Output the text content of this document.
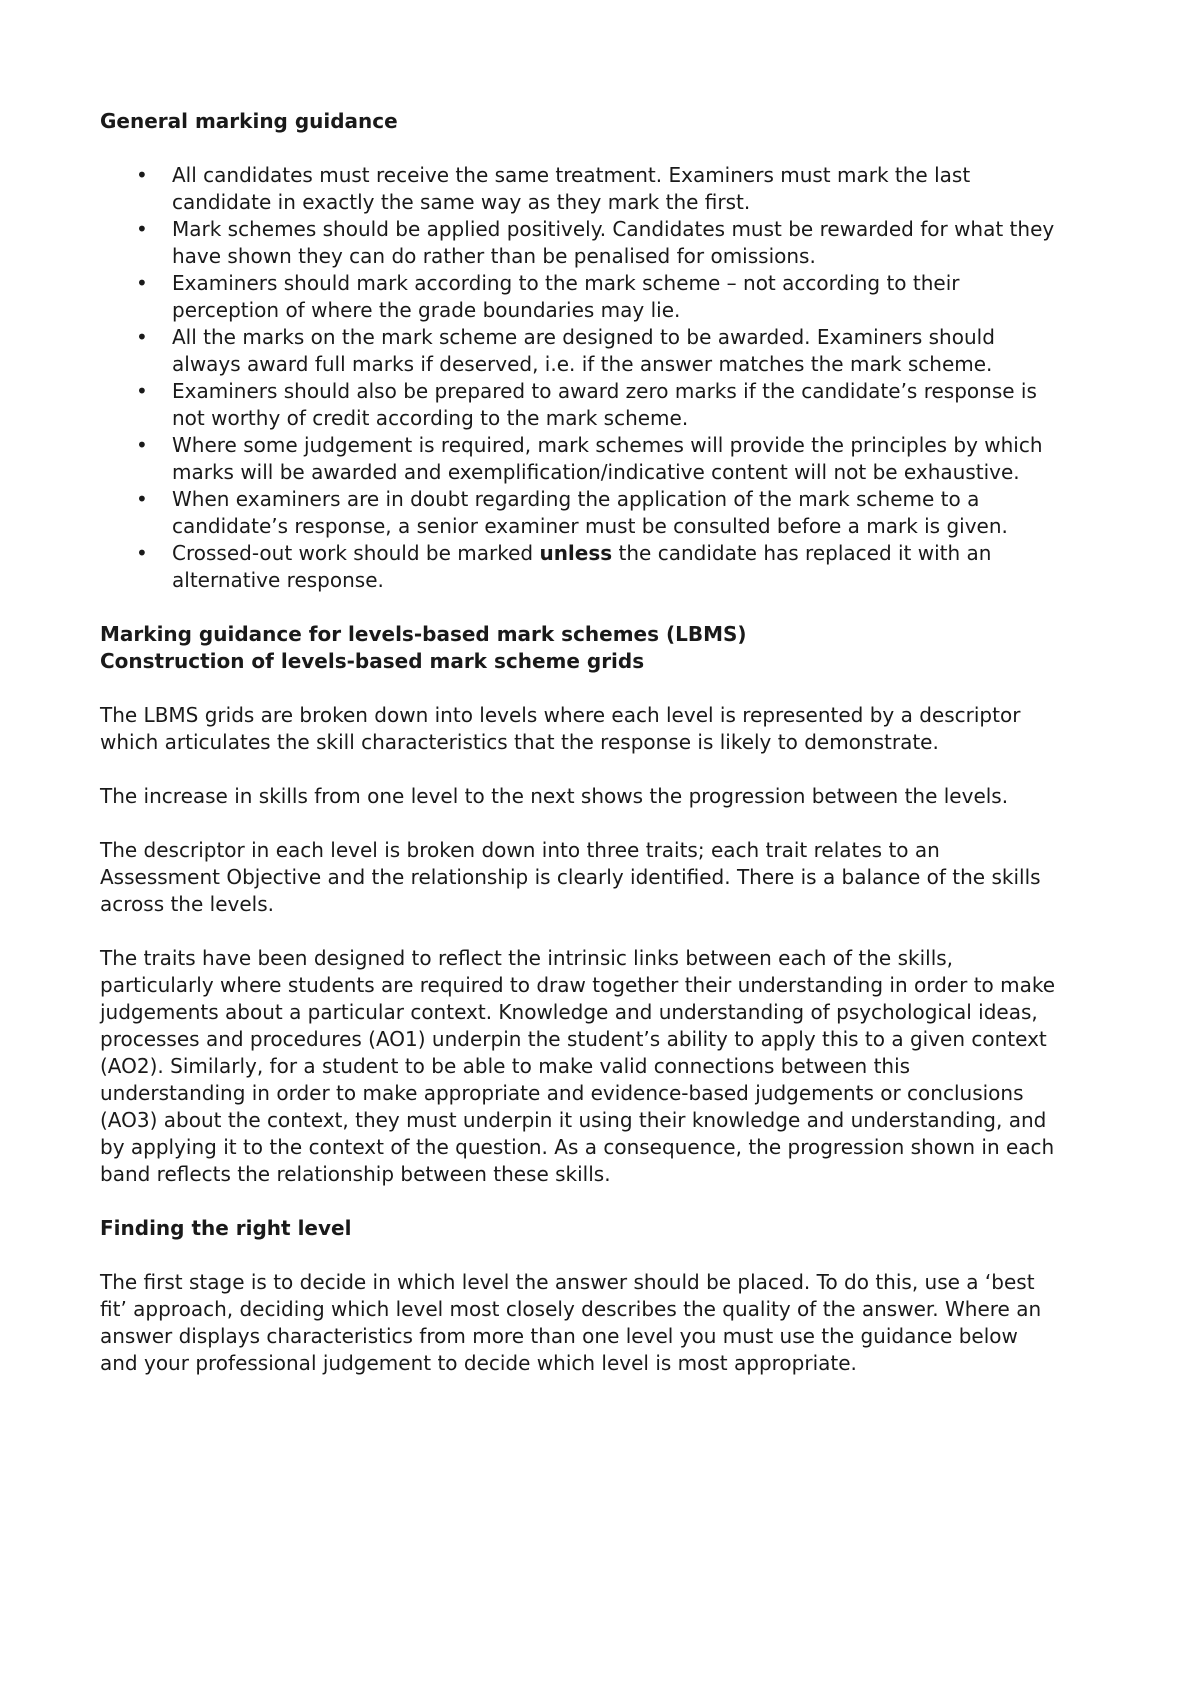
General marking guidance

• All candidates must receive the same treatment. Examiners must mark the last candidate in exactly the same way as they mark the first.
• Mark schemes should be applied positively. Candidates must be rewarded for what they have shown they can do rather than be penalised for omissions.
• Examiners should mark according to the mark scheme – not according to their perception of where the grade boundaries may lie.
• All the marks on the mark scheme are designed to be awarded. Examiners should always award full marks if deserved, i.e. if the answer matches the mark scheme.
• Examiners should also be prepared to award zero marks if the candidate’s response is not worthy of credit according to the mark scheme.
• Where some judgement is required, mark schemes will provide the principles by which marks will be awarded and exemplification/indicative content will not be exhaustive.
• When examiners are in doubt regarding the application of the mark scheme to a candidate’s response, a senior examiner must be consulted before a mark is given.
• Crossed-out work should be marked unless the candidate has replaced it with an alternative response.

Marking guidance for levels-based mark schemes (LBMS)

Construction of levels-based mark scheme grids

The LBMS grids are broken down into levels where each level is represented by a descriptor which articulates the skill characteristics that the response is likely to demonstrate.

The increase in skills from one level to the next shows the progression between the levels.

The descriptor in each level is broken down into three traits; each trait relates to an Assessment Objective and the relationship is clearly identified. There is a balance of the skills across the levels.

The traits have been designed to reflect the intrinsic links between each of the skills, particularly where students are required to draw together their understanding in order to make judgements about a particular context. Knowledge and understanding of psychological ideas, processes and procedures (AO1) underpin the student’s ability to apply this to a given context (AO2). Similarly, for a student to be able to make valid connections between this understanding in order to make appropriate and evidence-based judgements or conclusions (AO3) about the context, they must underpin it using their knowledge and understanding, and by applying it to the context of the question. As a consequence, the progression shown in each band reflects the relationship between these skills.

Finding the right level

The first stage is to decide in which level the answer should be placed. To do this, use a ‘best fit’ approach, deciding which level most closely describes the quality of the answer. Where an answer displays characteristics from more than one level you must use the guidance below and your professional judgement to decide which level is most appropriate.
